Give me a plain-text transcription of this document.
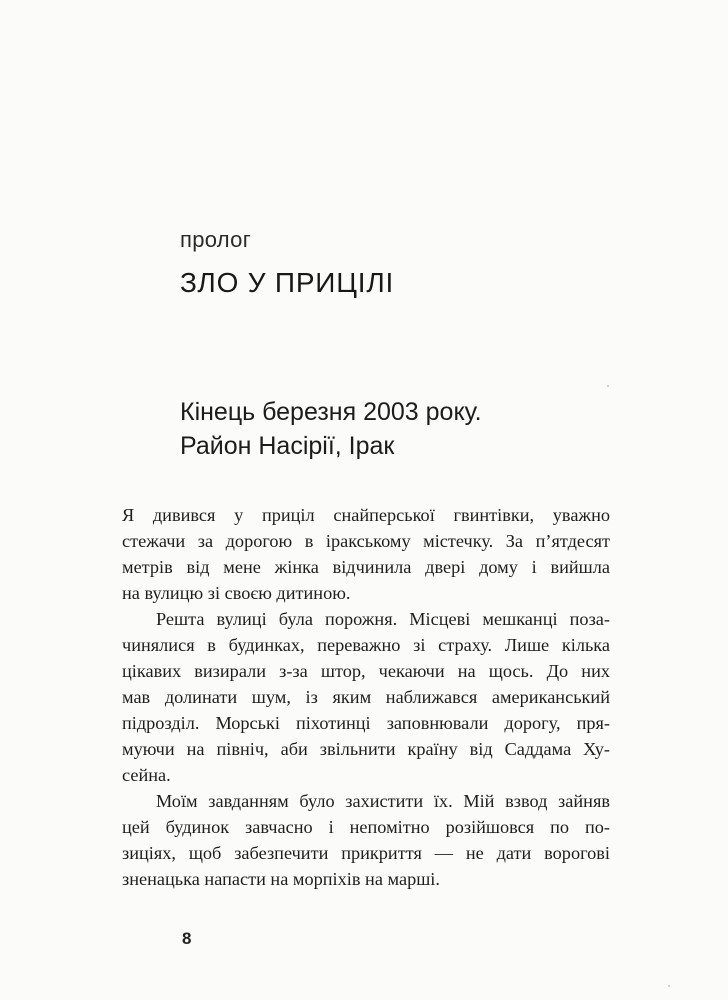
пролог
ЗЛО У ПРИЦІЛІ
Кінець березня 2003 року.
Район Насірії, Ірак
Я дивився у приціл снайперської гвинтівки, уважно
стежачи за дорогою в іракському містечку. За п’ятдесят
метрів від мене жінка відчинила двері дому і вийшла
на вулицю зі своєю дитиною.
Решта вулиці була порожня. Місцеві мешканці поза-
чинялися в будинках, переважно зі страху. Лише кілька
цікавих визирали з-за штор, чекаючи на щось. До них
мав долинати шум, із яким наближався американський
підрозділ. Морські піхотинці заповнювали дорогу, пря-
муючи на північ, аби звільнити країну від Саддама Ху-
сейна.
Моїм завданням було захистити їх. Мій взвод зайняв
цей будинок завчасно і непомітно розійшовся по по-
зиціях, щоб забезпечити прикриття — не дати ворогові
зненацька напасти на морпіхів на марші.
8
